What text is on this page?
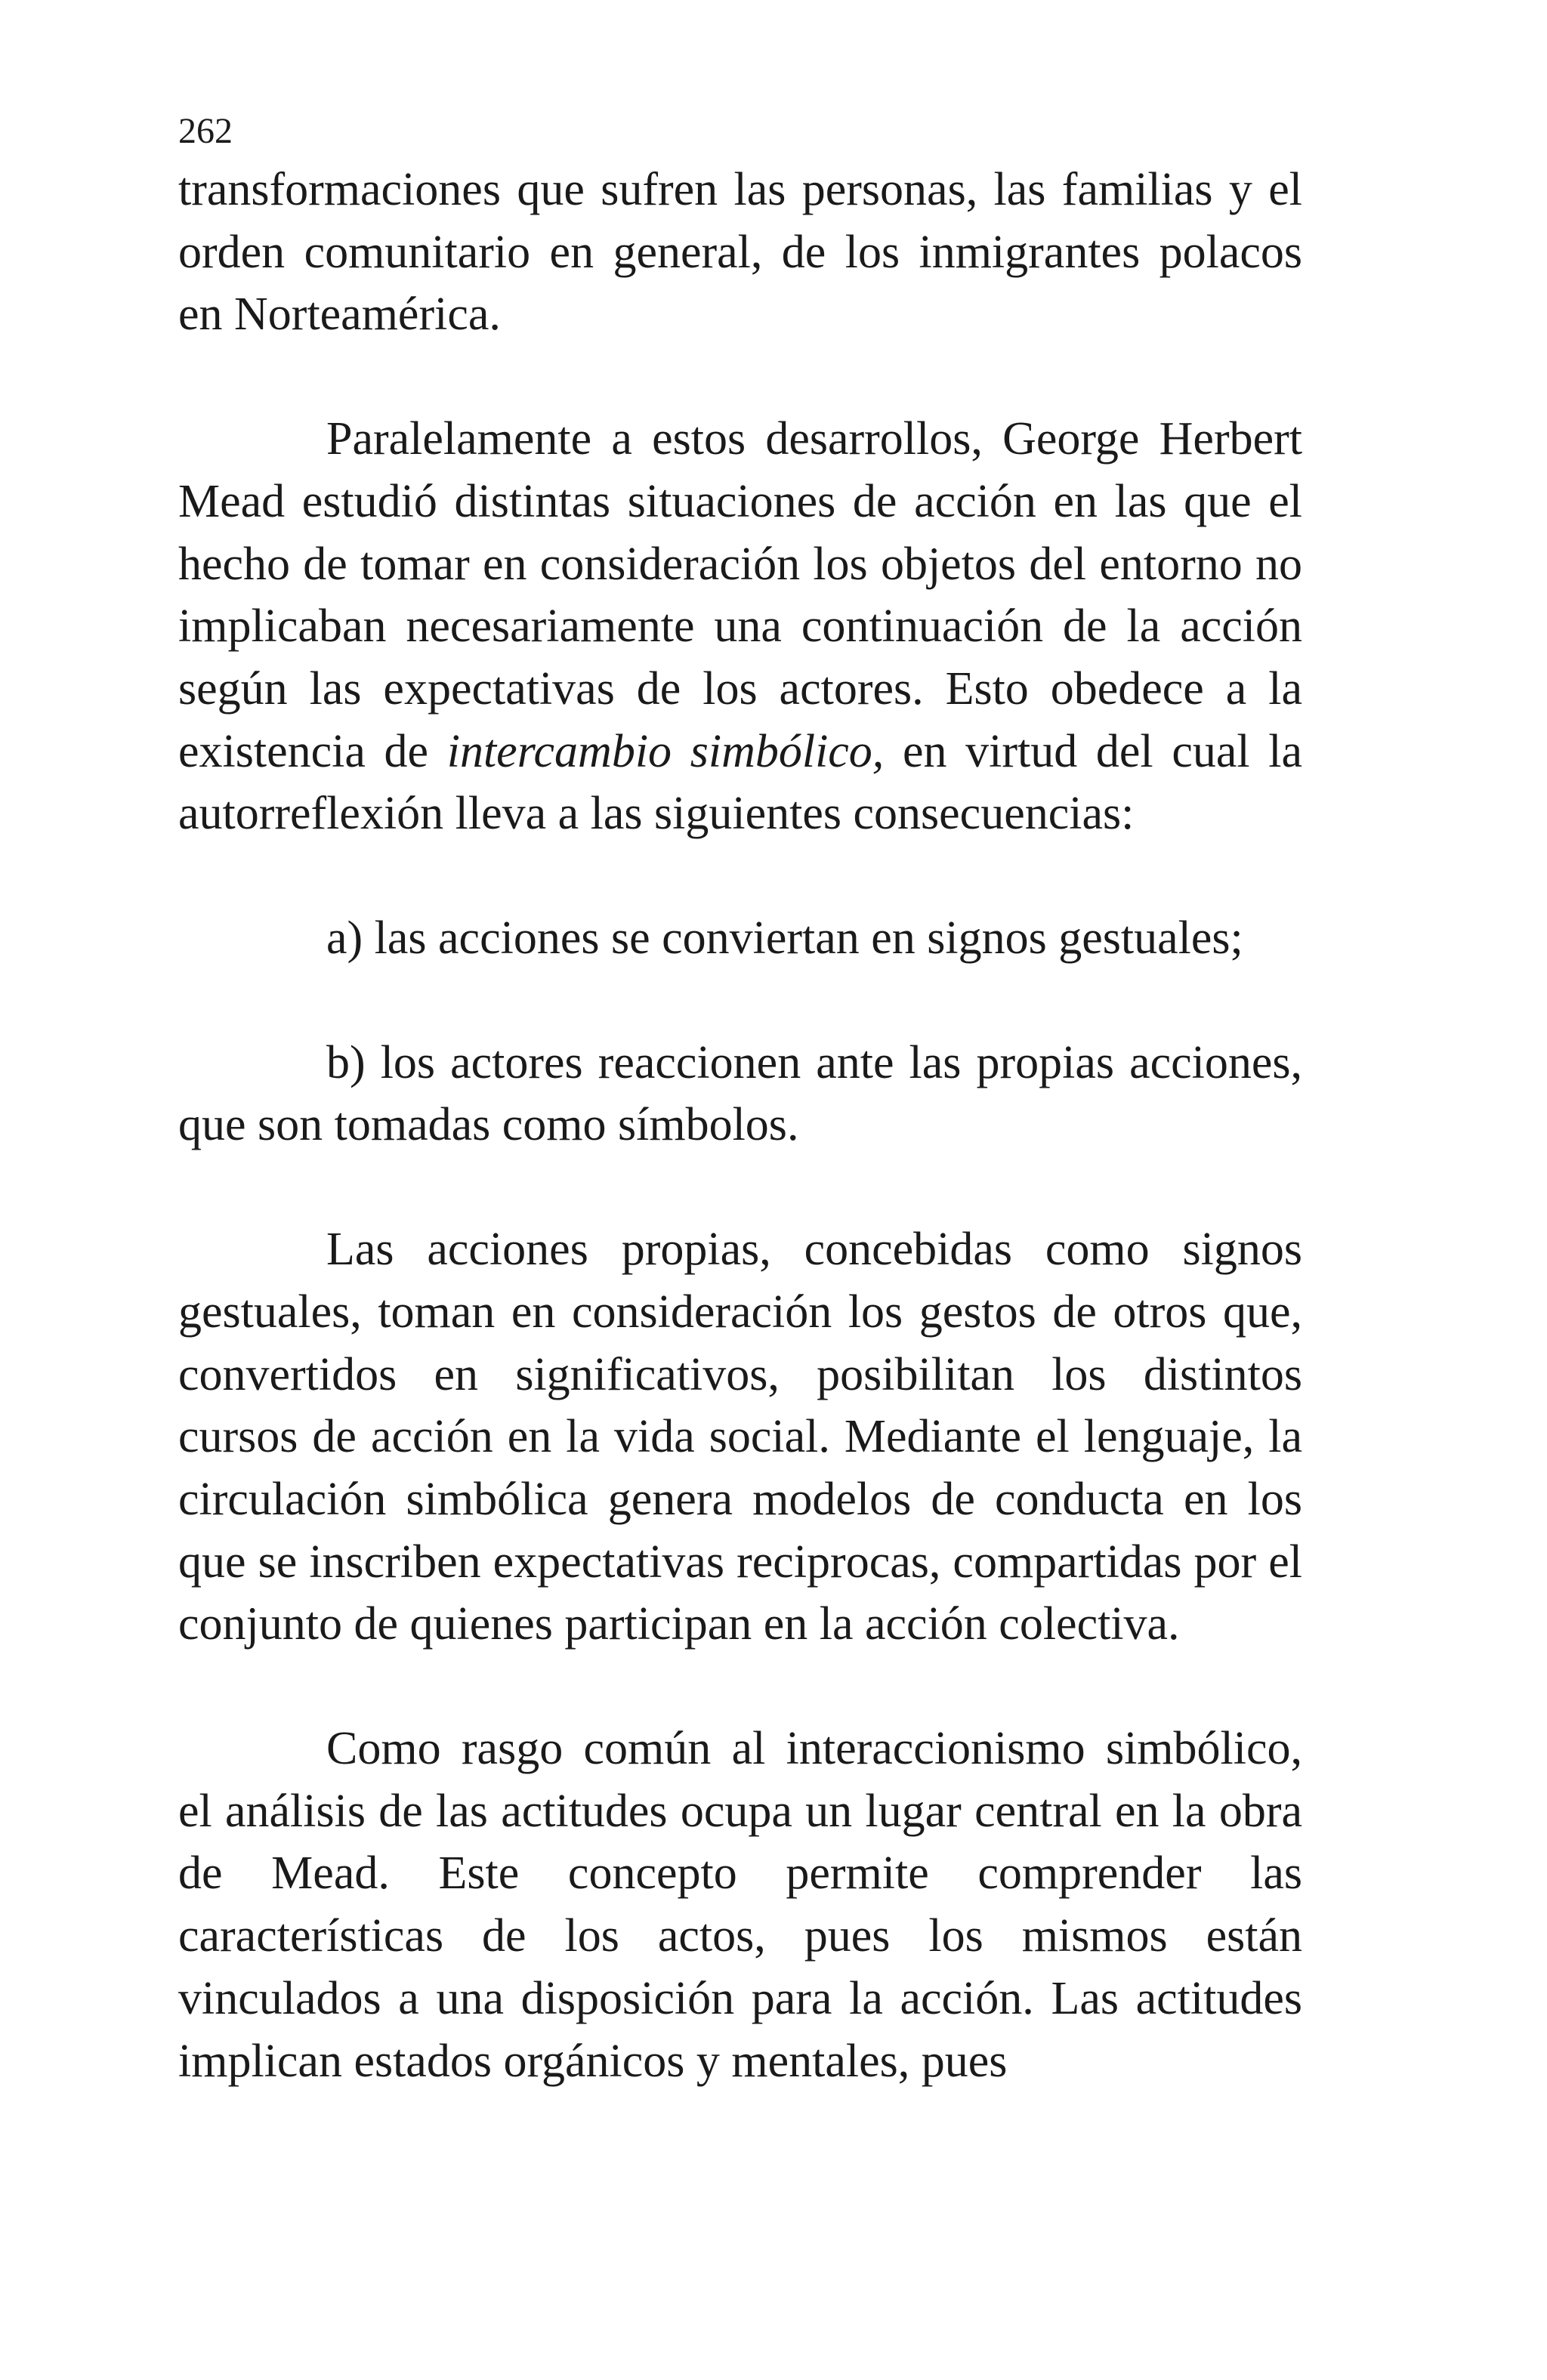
262

transformaciones que sufren las personas, las familias y el orden comunitario en general, de los inmigrantes polacos en Norteamérica.

Paralelamente a estos desarrollos, George Herbert Mead estudió distintas situaciones de acción en las que el hecho de tomar en consideración los objetos del entorno no implicaban necesariamente una continuación de la acción según las expectativas de los actores. Esto obedece a la existencia de intercambio simbólico, en virtud del cual la autorreflexión lleva a las siguientes consecuencias:

a) las acciones se conviertan en signos gestuales;

b) los actores reaccionen ante las propias acciones, que son tomadas como símbolos.

Las acciones propias, concebidas como signos gestuales, toman en consideración los gestos de otros que, convertidos en significativos, posibilitan los distintos cursos de acción en la vida social. Mediante el lenguaje, la circulación simbólica genera modelos de conducta en los que se inscriben expectativas reciprocas, compartidas por el conjunto de quienes participan en la acción colectiva.

Como rasgo común al interaccionismo simbólico, el análisis de las actitudes ocupa un lugar central en la obra de Mead. Este concepto permite comprender las características de los actos, pues los mismos están vinculados a una disposición para la acción. Las actitudes implican estados orgánicos y mentales, pues
